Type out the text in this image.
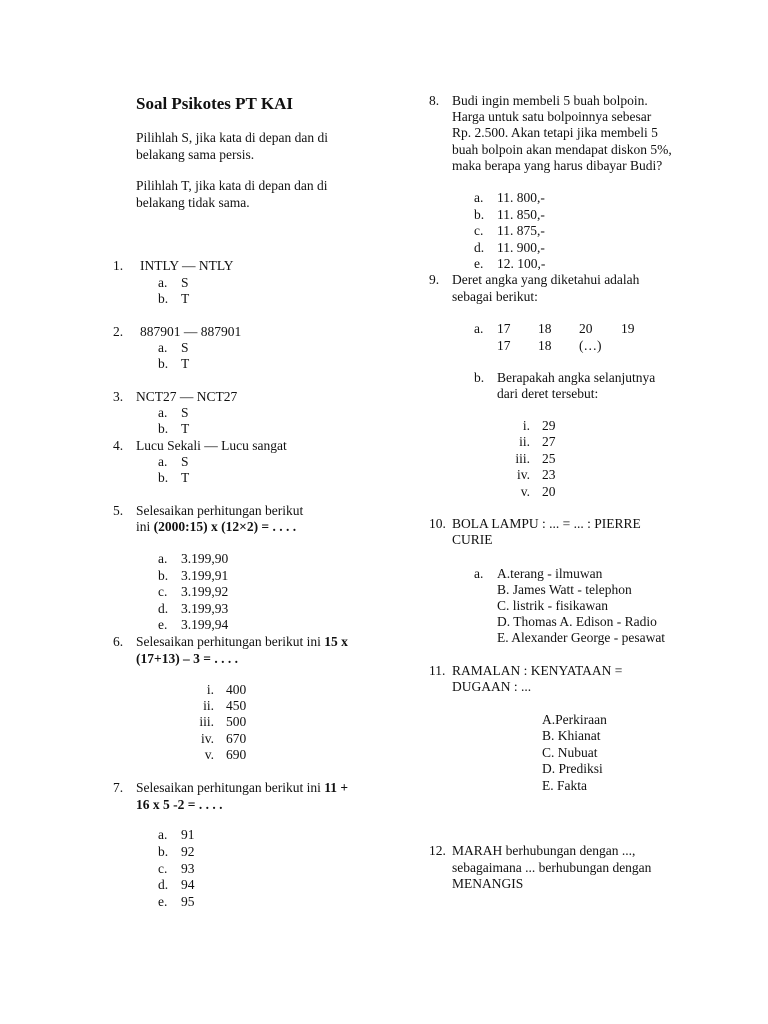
Soal Psikotes PT KAI
Pilihlah S, jika kata di depan dan di
belakang sama persis.
Pilihlah T, jika kata di depan dan di
belakang tidak sama.
1. INTLY — NTLY
a. S
b. T
2. 887901 — 887901
a. S
b. T
3. NCT27 — NCT27
a. S
b. T
4. Lucu Sekali — Lucu sangat
a. S
b. T
5. Selesaikan perhitungan berikut
ini (2000:15) x (12×2) = . . . .
a. 3.199,90
b. 3.199,91
c. 3.199,92
d. 3.199,93
e. 3.199,94
6. Selesaikan perhitungan berikut ini 15 x
(17+13) – 3 = . . . .
i. 400
ii. 450
iii. 500
iv. 670
v. 690
7. Selesaikan perhitungan berikut ini 11 +
16 x 5 -2 = . . . .
a. 91
b. 92
c. 93
d. 94
e. 95
8. Budi ingin membeli 5 buah bolpoin.
Harga untuk satu bolpoinnya sebesar
Rp. 2.500. Akan tetapi jika membeli 5
buah bolpoin akan mendapat diskon 5%,
maka berapa yang harus dibayar Budi?
a. 11. 800,-
b. 11. 850,-
c. 11. 875,-
d. 11. 900,-
e. 12. 100,-
9. Deret angka yang diketahui adalah
sebagai berikut:
a. 17 18 20 19
17 18 (…)
b. Berapakah angka selanjutnya
dari deret tersebut:
i. 29
ii. 27
iii. 25
iv. 23
v. 20
10. BOLA LAMPU : ... = ... : PIERRE
CURIE
a. A.terang - ilmuwan
B. James Watt - telephon
C. listrik - fisikawan
D. Thomas A. Edison - Radio
E. Alexander George - pesawat
11. RAMALAN : KENYATAAN =
DUGAAN : ...
A.Perkiraan
B. Khianat
C. Nubuat
D. Prediksi
E. Fakta
12. MARAH berhubungan dengan ...,
sebagaimana ... berhubungan dengan
MENANGIS
